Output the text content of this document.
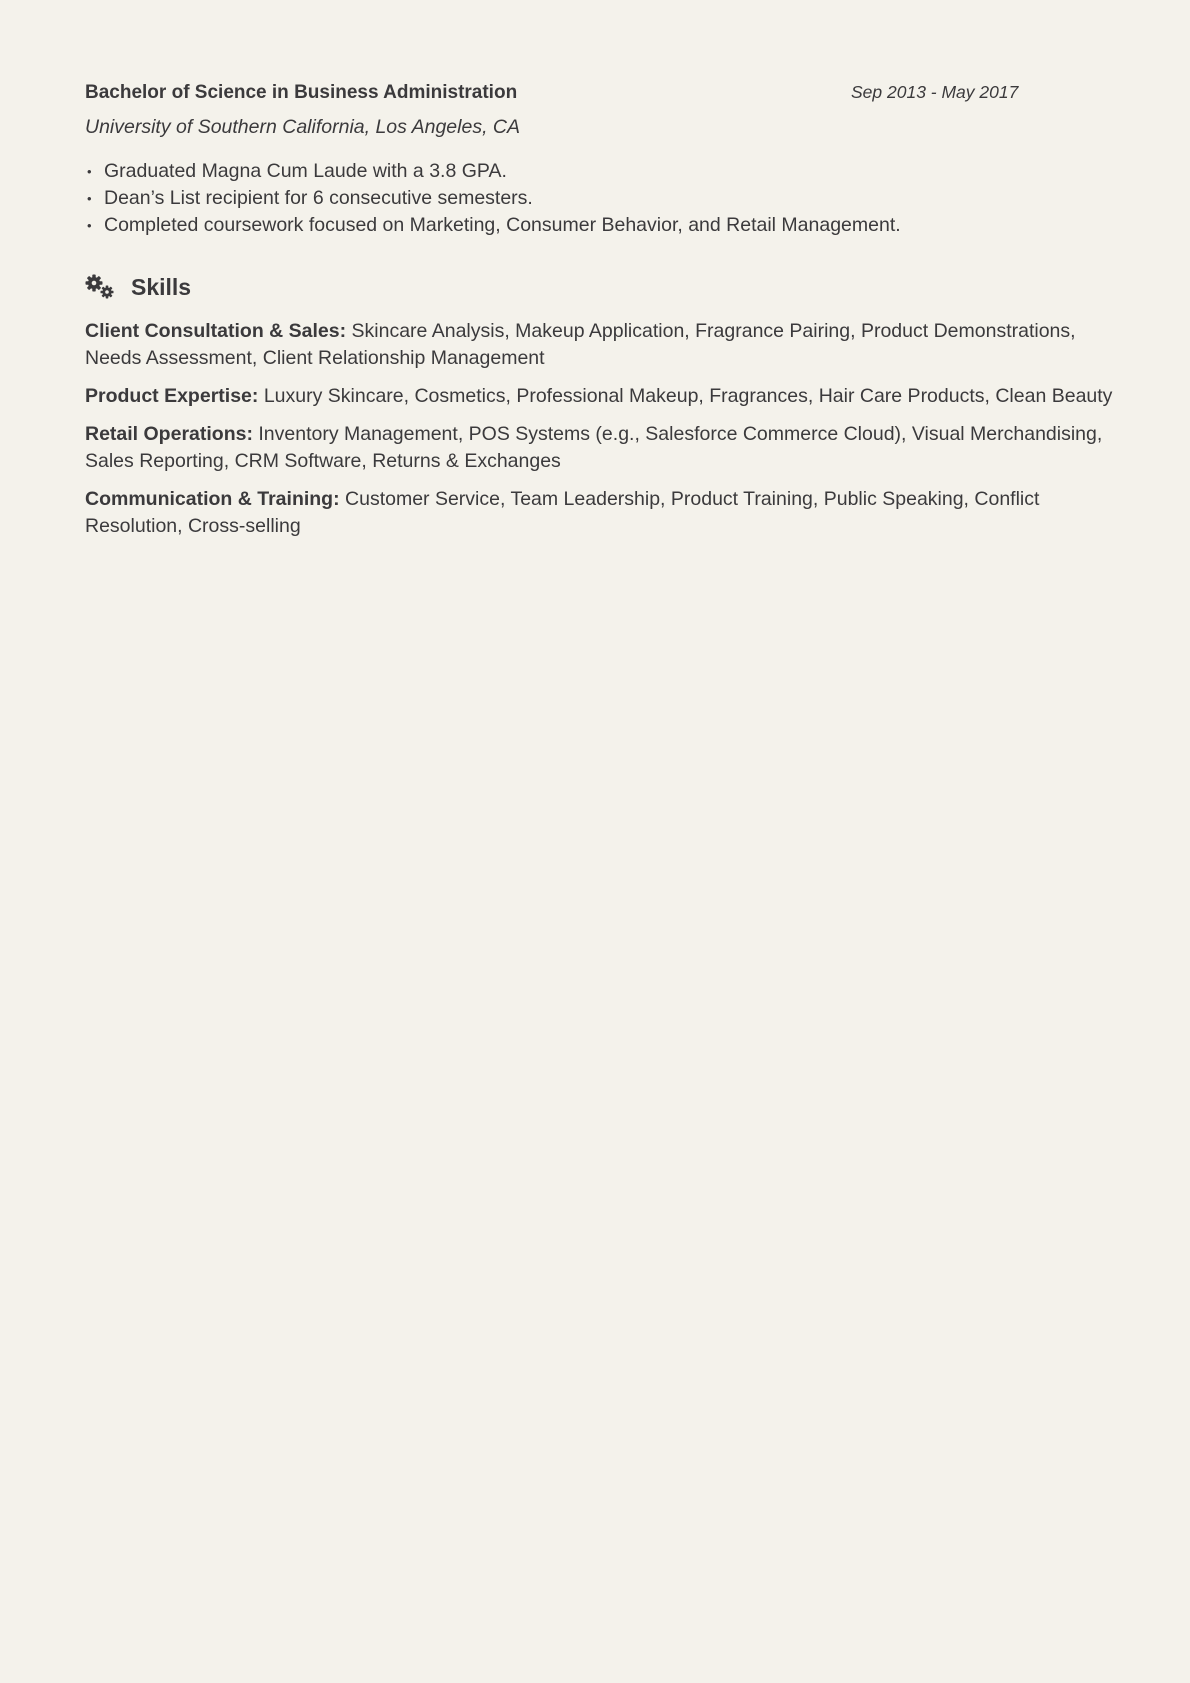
Bachelor of Science in Business Administration	Sep 2013 - May 2017
University of Southern California, Los Angeles, CA
• Graduated Magna Cum Laude with a 3.8 GPA.
• Dean’s List recipient for 6 consecutive semesters.
• Completed coursework focused on Marketing, Consumer Behavior, and Retail Management.
Skills

Client Consultation & Sales: Skincare Analysis, Makeup Application, Fragrance Pairing, Product Demonstrations, Needs Assessment, Client Relationship Management

Product Expertise: Luxury Skincare, Cosmetics, Professional Makeup, Fragrances, Hair Care Products, Clean Beauty

Retail Operations: Inventory Management, POS Systems (e.g., Salesforce Commerce Cloud), Visual Merchandising, Sales Reporting, CRM Software, Returns & Exchanges

Communication & Training: Customer Service, Team Leadership, Product Training, Public Speaking, Conflict Resolution, Cross-selling
